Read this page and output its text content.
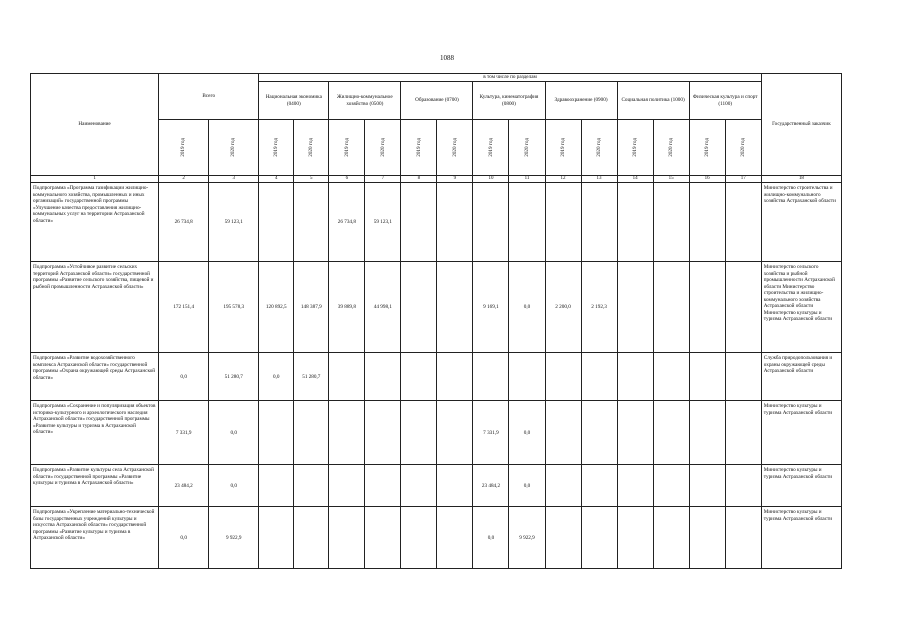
1088
Наименование	Всего		в том числе по разделам														Государственный заказчик
			Национальная экономика (0400)		Жилищно-коммунальное хозяйство (0500)		Образование (0700)		Культура, кинематография (0800)		Здравоохранение (0900)		Социальная политика (1000)		Физическая культура и спорт (1100)		

	2019 год	2020 год	2019 год	2020 год	2019 год	2020 год	2019 год	2020 год	2019 год	2020 год	2019 год	2020 год	2019 год	2020 год	2019 год	2020 год	

1	2	3	4	5	6	7	8	9	10	11	12	13	14	15	16	17	18
Подпрограмма «Программа газификации жилищно-коммунального хозяйства, промышленных и иных организаций» государственной программы «Улучшение качества предоставления жилищно-коммунальных услуг на территории Астраханской области»	26 734,8	59 123,1			26 734,8	59 123,1											Министерство строительства и жилищно-коммунального хозяйства Астраханской области
Подпрограмма «Устойчивое развитие сельских территорий Астраханской области» государственной программы «Развитие сельского хозяйства, пищевой и рыбной промышленности Астраханской области»	172 151,4	195 578,3	120 892,5	148 387,9	39 889,8	44 998,1			9 169,1	0,0	2 200,0	2 192,3					Министерство сельского хозяйства и рыбной промышленности Астраханской области Министерство строительства и жилищно-коммунального хозяйства Астраханской области Министерство культуры и туризма Астраханской области
Подпрограмма «Развитие водохозяйственного комплекса Астраханской области» государственной программы «Охрана окружающей среды Астраханской области»	0,0	51 280,7	0,0	51 280,7													Служба природопользования и охраны окружающей среды Астраханской области
Подпрограмма «Сохранение и популяризация объектов историко-культурного и археологического наследия Астраханской области» государственной программы «Развитие культуры и туризма в Астраханской области»	7 331,9	0,0							7 331,9	0,0							Министерство культуры и туризма Астраханской области
Подпрограмма «Развитие культуры села Астраханской области» государственной программы «Развитие культуры и туризма в Астраханской области»	23 484,2	0,0							23 484,2	0,0							Министерство культуры и туризма Астраханской области
Подпрограмма «Укрепление материально-технической базы государственных учреждений культуры и искусства Астраханской области» государственной программы «Развитие культуры и туризма в Астраханской области»	0,0	9 922,9							0,0	9 922,9							Министерство культуры и туризма Астраханской области
